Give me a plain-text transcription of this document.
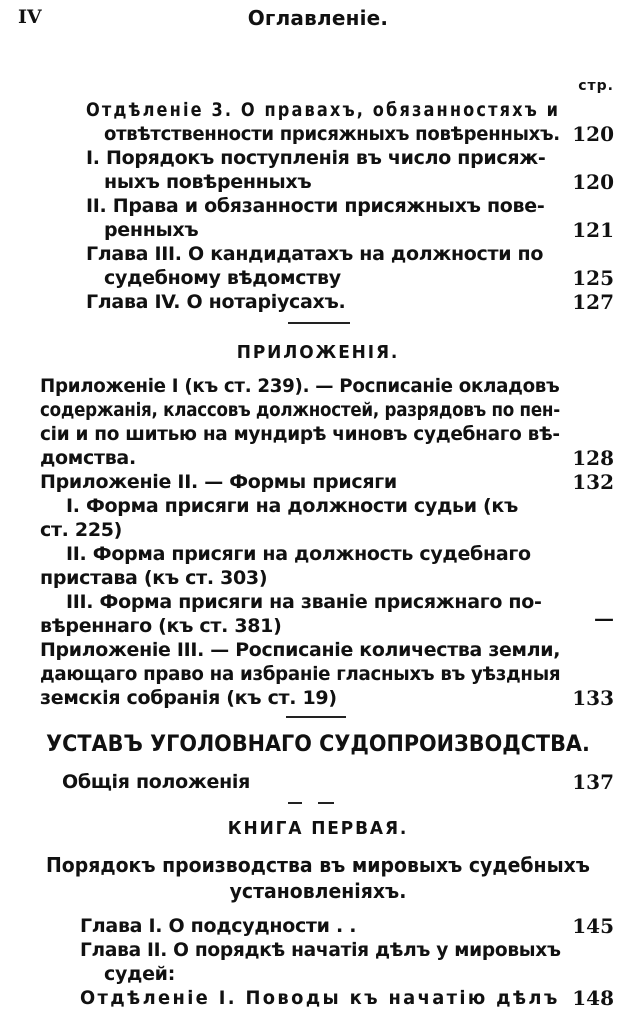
IV	Оглавленіе.
стр.
Отдѣленіе 3. О правахъ, обязанностяхъ и
отвѣтственности присяжныхъ повѣренныхъ. 120
I. Порядокъ поступленія въ число присяж-
ныхъ повѣренныхъ	120
II. Права и обязанности присяжныхъ пове-
ренныхъ	121
Глава III. О кандидатахъ на должности по
судебному вѣдомству	125
Глава IV. О нотаріусахъ.	127
ПРИЛОЖЕНІЯ.
Приложеніе I (къ ст. 239). — Росписаніе окладовъ
содержанія, классовъ должностей, разрядовъ по пен-
сіи и по шитью на мундирѣ чиновъ судебнаго вѣ-
домства.	128
Приложеніе II. — Формы присяги	132
I. Форма присяги на должности судьи (къ
ст. 225)
II. Форма присяги на должность судебнаго
пристава (къ ст. 303)
III. Форма присяги на званіе присяжнаго по-
вѣреннаго (къ ст. 381)	—
Приложеніе III. — Росписаніе количества земли,
дающаго право на избраніе гласныхъ въ уѣздныя
земскія собранія (къ ст. 19)	133
УСТАВЪ УГОЛОВНАГО СУДОПРОИЗВОДСТВА.
Общія положенія	137
КНИГА ПЕРВАЯ.
Порядокъ производства въ мировыхъ судебныхъ
установленіяхъ.
Глава I. О подсудности . .	145
Глава II. О порядкѣ начатія дѣлъ у мировыхъ
судей:
Отдѣленіе I. Поводы къ начатію дѣлъ 148
